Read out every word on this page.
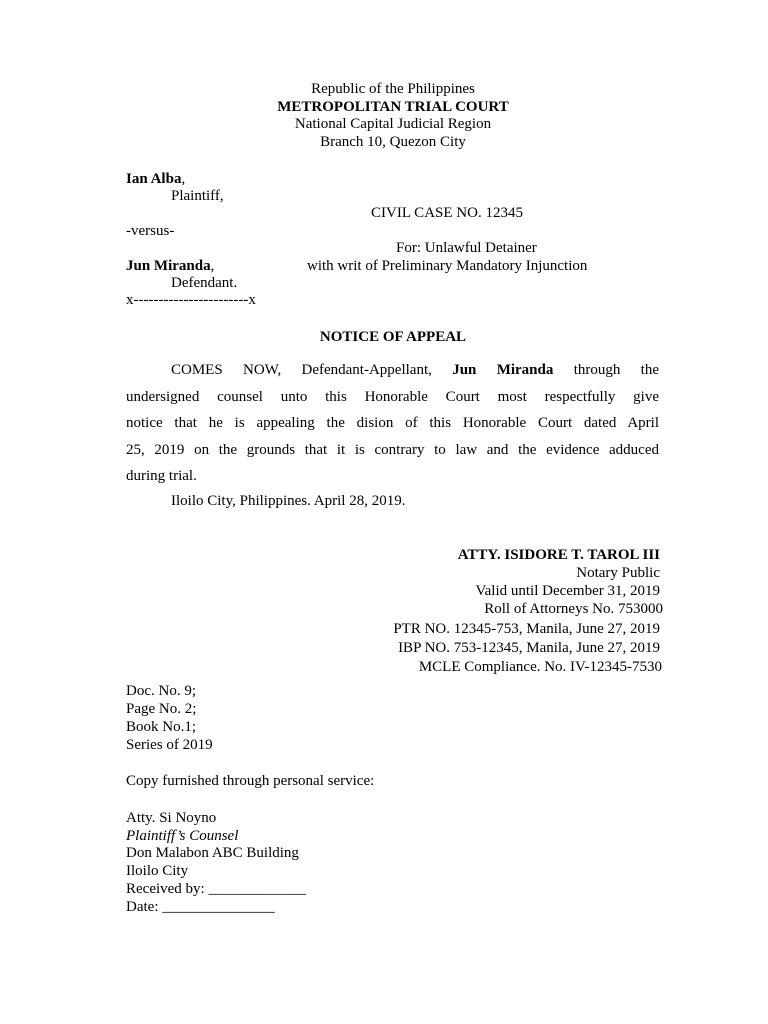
Republic of the Philippines
METROPOLITAN TRIAL COURT
National Capital Judicial Region
Branch 10, Quezon City
Ian Alba,
Plaintiff,
CIVIL CASE NO. 12345
-versus-
For: Unlawful Detainer
Jun Miranda,	with writ of Preliminary Mandatory Injunction
Defendant.
x-----------------------x
NOTICE OF APPEAL
COMES NOW, Defendant-Appellant, Jun Miranda through the
undersigned counsel unto this Honorable Court most respectfully give
notice that he is appealing the dision of this Honorable Court dated April
25, 2019 on the grounds that it is contrary to law and the evidence adduced
during trial.
Iloilo City, Philippines. April 28, 2019.
ATTY. ISIDORE T. TAROL III
Notary Public
Valid until December 31, 2019
Roll of Attorneys No. 753000
PTR NO. 12345-753, Manila, June 27, 2019
IBP NO. 753-12345, Manila, June 27, 2019
MCLE Compliance. No. IV-12345-7530
Doc. No. 9;
Page No. 2;
Book No.1;
Series of 2019
Copy furnished through personal service:
Atty. Si Noyno
Plaintiff’s Counsel
Don Malabon ABC Building
Iloilo City
Received by: _____________
Date: _______________
